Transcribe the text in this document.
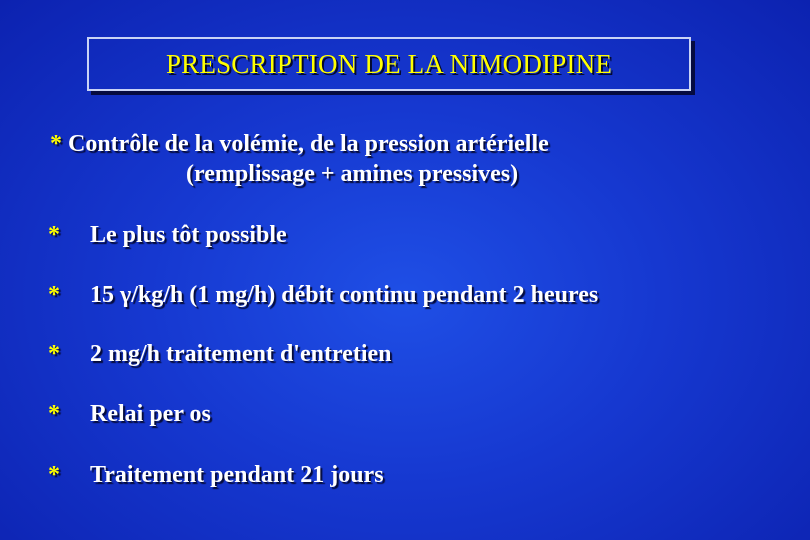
PRESCRIPTION DE LA NIMODIPINE
* Contrôle de la volémie, de la pression artérielle
(remplissage + amines pressives)
* Le plus tôt possible
* 15 γ/kg/h (1 mg/h) débit continu pendant 2 heures
* 2 mg/h traitement d'entretien
* Relai per os
* Traitement pendant 21 jours
